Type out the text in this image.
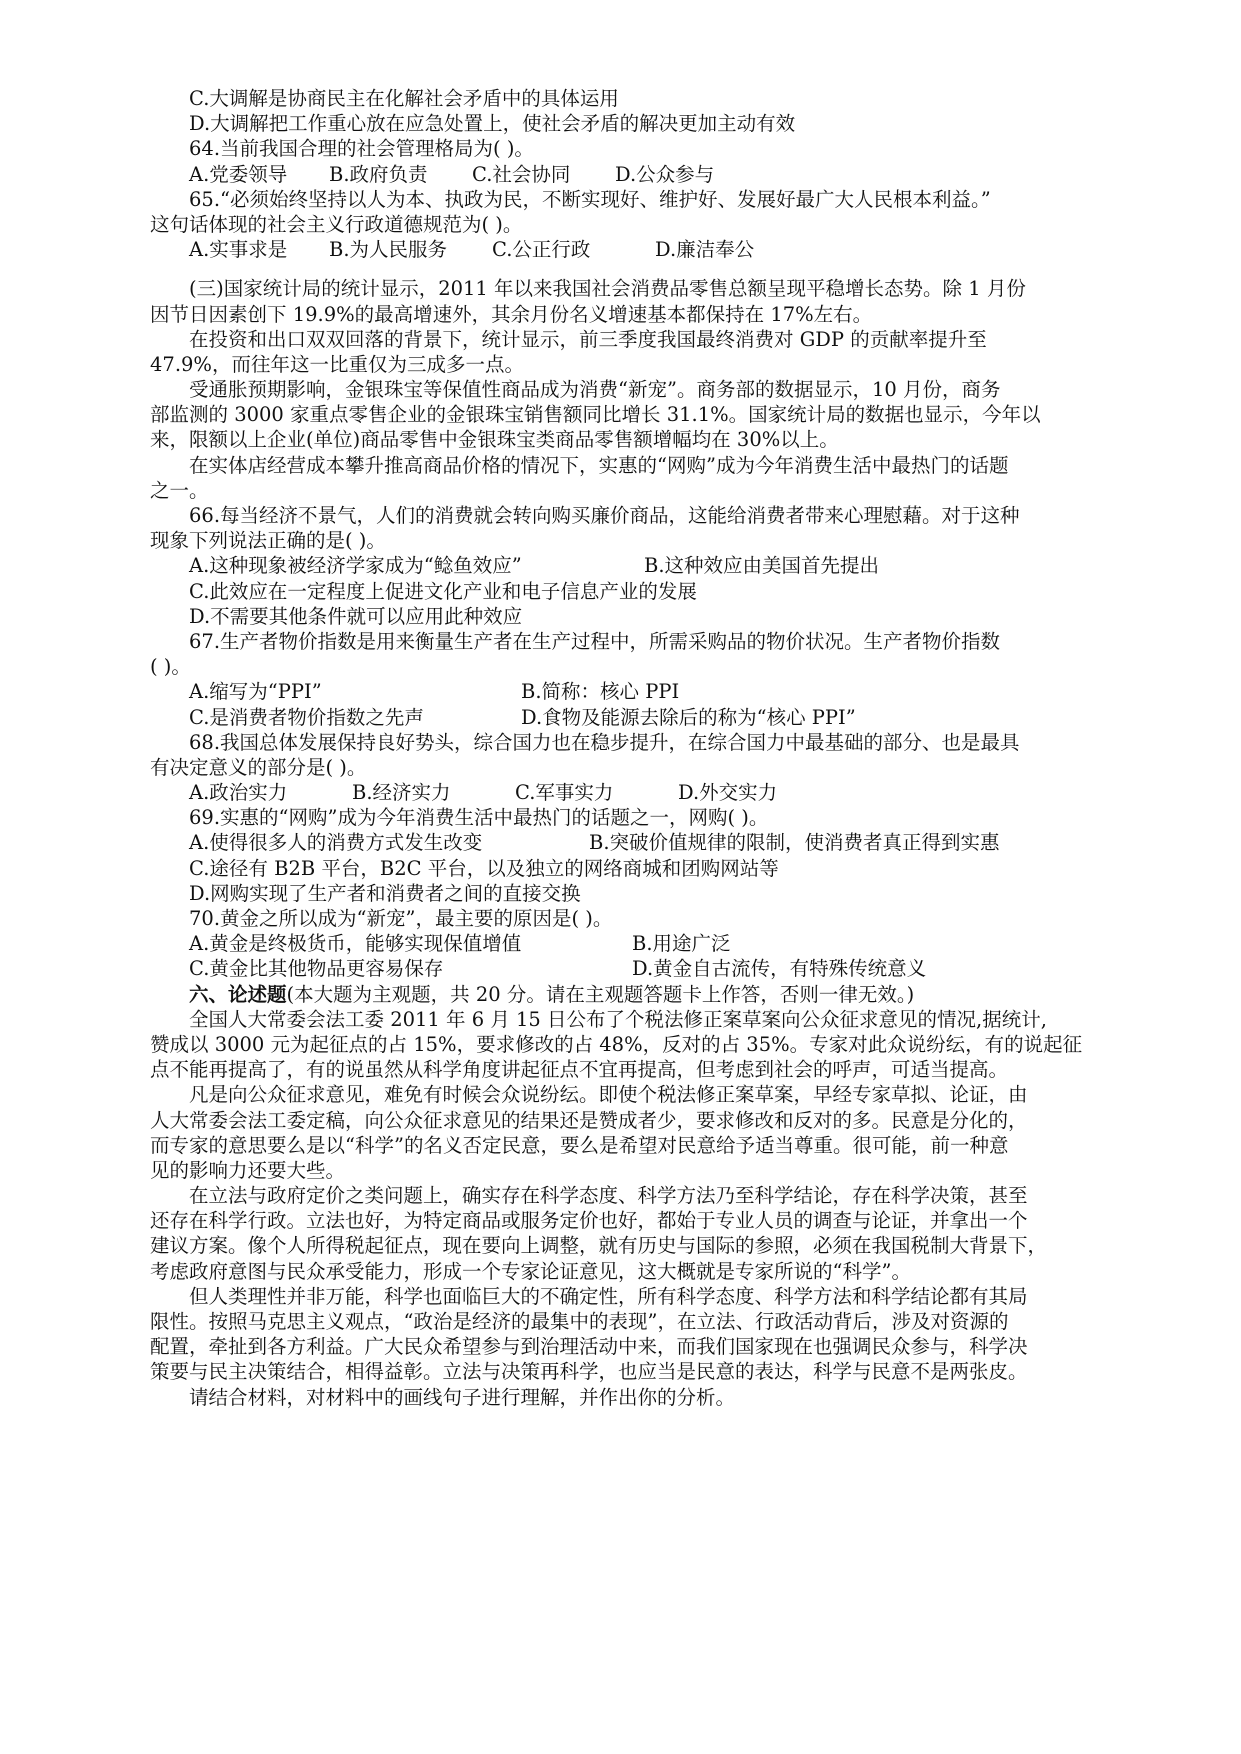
C.大调解是协商民主在化解社会矛盾中的具体运用
D.大调解把工作重心放在应急处置上，使社会矛盾的解决更加主动有效
64.当前我国合理的社会管理格局为( )。
A.党委领导	B.政府负责	C.社会协同	D.公众参与
65.“必须始终坚持以人为本、执政为民，不断实现好、维护好、发展好最广大人民根本利益。”
这句话体现的社会主义行政道德规范为( )。
A.实事求是	B.为人民服务	C.公正行政	D.廉洁奉公
(三)国家统计局的统计显示，2011 年以来我国社会消费品零售总额呈现平稳增长态势。除 1 月份
因节日因素创下 19.9%的最高增速外，其余月份名义增速基本都保持在 17%左右。
在投资和出口双双回落的背景下，统计显示，前三季度我国最终消费对 GDP 的贡献率提升至
47.9%，而往年这一比重仅为三成多一点。
受通胀预期影响，金银珠宝等保值性商品成为消费“新宠”。商务部的数据显示，10 月份，商务
部监测的 3000 家重点零售企业的金银珠宝销售额同比增长 31.1%。国家统计局的数据也显示，今年以
来，限额以上企业(单位)商品零售中金银珠宝类商品零售额增幅均在 30%以上。
在实体店经营成本攀升推高商品价格的情况下，实惠的“网购”成为今年消费生活中最热门的话题
之一。
66.每当经济不景气，人们的消费就会转向购买廉价商品，这能给消费者带来心理慰藉。对于这种
现象下列说法正确的是( )。
A.这种现象被经济学家成为“鲶鱼效应”	B.这种效应由美国首先提出
C.此效应在一定程度上促进文化产业和电子信息产业的发展
D.不需要其他条件就可以应用此种效应
67.生产者物价指数是用来衡量生产者在生产过程中，所需采购品的物价状况。生产者物价指数
( )。
A.缩写为“PPI”	B.简称：核心 PPI
C.是消费者物价指数之先声	D.食物及能源去除后的称为“核心 PPI”
68.我国总体发展保持良好势头，综合国力也在稳步提升，在综合国力中最基础的部分、也是最具
有决定意义的部分是( )。
A.政治实力	B.经济实力	C.军事实力	D.外交实力
69.实惠的“网购”成为今年消费生活中最热门的话题之一，网购( )。
A.使得很多人的消费方式发生改变	B.突破价值规律的限制，使消费者真正得到实惠
C.途径有 B2B 平台，B2C 平台，以及独立的网络商城和团购网站等
D.网购实现了生产者和消费者之间的直接交换
70.黄金之所以成为“新宠”，最主要的原因是( )。
A.黄金是终极货币，能够实现保值增值	B.用途广泛
C.黄金比其他物品更容易保存	D.黄金自古流传，有特殊传统意义
六、论述题(本大题为主观题，共 20 分。请在主观题答题卡上作答，否则一律无效。)
全国人大常委会法工委 2011 年 6 月 15 日公布了个税法修正案草案向公众征求意见的情况,据统计,
赞成以 3000 元为起征点的占 15%，要求修改的占 48%，反对的占 35%。专家对此众说纷纭，有的说起征
点不能再提高了，有的说虽然从科学角度讲起征点不宜再提高，但考虑到社会的呼声，可适当提高。
凡是向公众征求意见，难免有时候会众说纷纭。即使个税法修正案草案，早经专家草拟、论证，由
人大常委会法工委定稿，向公众征求意见的结果还是赞成者少，要求修改和反对的多。民意是分化的，
而专家的意思要么是以“科学”的名义否定民意，要么是希望对民意给予适当尊重。很可能，前一种意
见的影响力还要大些。
在立法与政府定价之类问题上，确实存在科学态度、科学方法乃至科学结论，存在科学决策，甚至
还存在科学行政。立法也好，为特定商品或服务定价也好，都始于专业人员的调查与论证，并拿出一个
建议方案。像个人所得税起征点，现在要向上调整，就有历史与国际的参照，必须在我国税制大背景下，
考虑政府意图与民众承受能力，形成一个专家论证意见，这大概就是专家所说的“科学”。
但人类理性并非万能，科学也面临巨大的不确定性，所有科学态度、科学方法和科学结论都有其局
限性。按照马克思主义观点，“政治是经济的最集中的表现”，在立法、行政活动背后，涉及对资源的
配置，牵扯到各方利益。广大民众希望参与到治理活动中来，而我们国家现在也强调民众参与，科学决
策要与民主决策结合，相得益彰。立法与决策再科学，也应当是民意的表达，科学与民意不是两张皮。
请结合材料，对材料中的画线句子进行理解，并作出你的分析。
